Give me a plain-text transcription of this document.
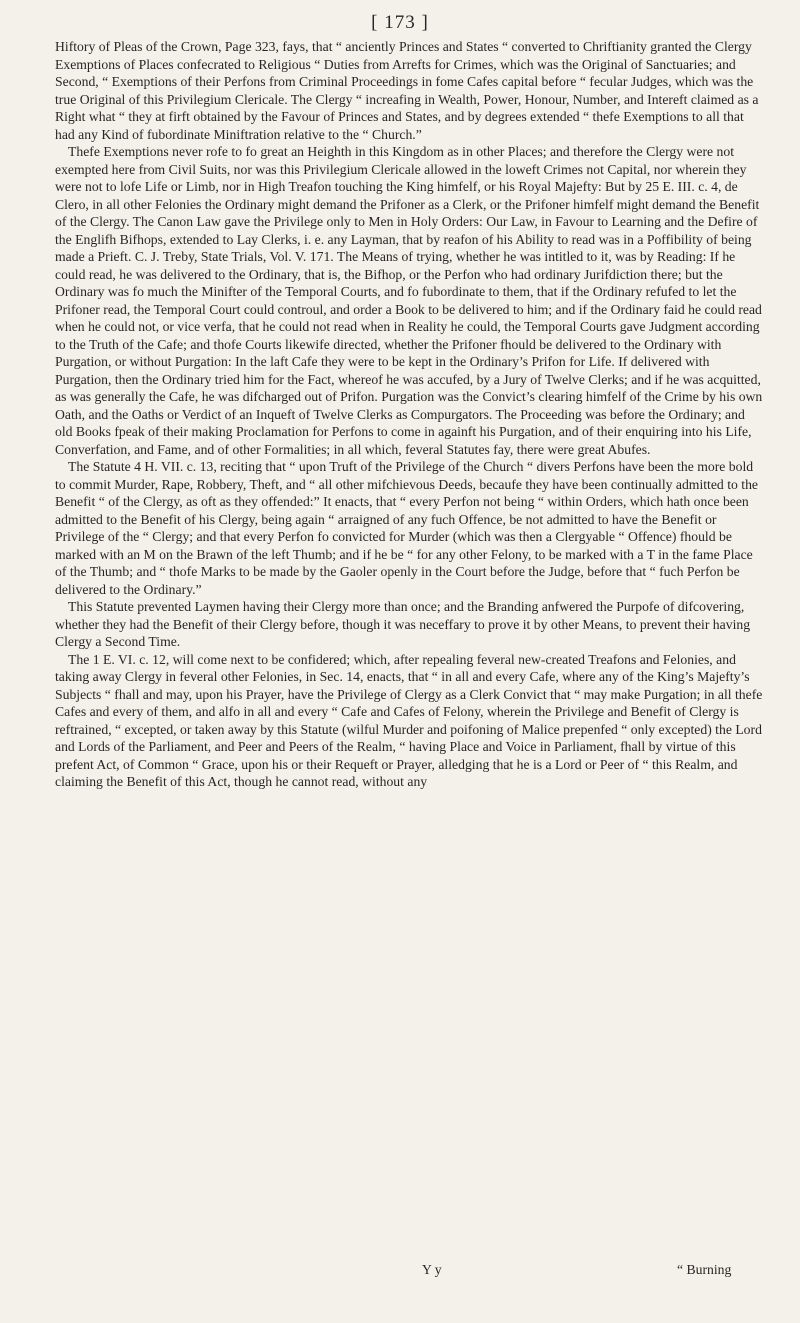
[ 173 ]

Hiftory of Pleas of the Crown, Page 323, fays, that “ anciently Princes and States “ converted to Chriftianity granted the Clergy Exemptions of Places confecrated to Religious “ Duties from Arrefts for Crimes, which was the Original of Sanctuaries; and Second, “ Exemptions of their Perfons from Criminal Proceedings in fome Cafes capital before “ fecular Judges, which was the true Original of this Privilegium Clericale. The Clergy “ increafing in Wealth, Power, Honour, Number, and Intereft claimed as a Right what “ they at firft obtained by the Favour of Princes and States, and by degrees extended “ thefe Exemptions to all that had any Kind of fubordinate Miniftration relative to the “ Church.”

Thefe Exemptions never rofe to fo great an Heighth in this Kingdom as in other Places; and therefore the Clergy were not exempted here from Civil Suits, nor was this Privilegium Clericale allowed in the loweft Crimes not Capital, nor wherein they were not to lofe Life or Limb, nor in High Treafon touching the King himfelf, or his Royal Majefty: But by 25 E. III. c. 4, de Clero, in all other Felonies the Ordinary might demand the Prifoner as a Clerk, or the Prifoner himfelf might demand the Benefit of the Clergy. The Canon Law gave the Privilege only to Men in Holy Orders: Our Law, in Favour to Learning and the Defire of the Englifh Bifhops, extended to Lay Clerks, i. e. any Layman, that by reafon of his Ability to read was in a Poffibility of being made a Prieft. C. J. Treby, State Trials, Vol. V. 171. The Means of trying, whether he was intitled to it, was by Reading: If he could read, he was delivered to the Ordinary, that is, the Bifhop, or the Perfon who had ordinary Jurifdiction there; but the Ordinary was fo much the Minifter of the Temporal Courts, and fo fubordinate to them, that if the Ordinary refufed to let the Prifoner read, the Temporal Court could controul, and order a Book to be delivered to him; and if the Ordinary faid he could read when he could not, or vice verfa, that he could not read when in Reality he could, the Temporal Courts gave Judgment according to the Truth of the Cafe; and thofe Courts likewife directed, whether the Prifoner fhould be delivered to the Ordinary with Purgation, or without Purgation: In the laft Cafe they were to be kept in the Ordinary’s Prifon for Life. If delivered with Purgation, then the Ordinary tried him for the Fact, whereof he was accufed, by a Jury of Twelve Clerks; and if he was acquitted, as was generally the Cafe, he was difcharged out of Prifon. Purgation was the Convict’s clearing himfelf of the Crime by his own Oath, and the Oaths or Verdict of an Inqueft of Twelve Clerks as Compurgators. The Proceeding was before the Ordinary; and old Books fpeak of their making Proclamation for Perfons to come in againft his Purgation, and of their enquiring into his Life, Converfation, and Fame, and of other Formalities; in all which, feveral Statutes fay, there were great Abufes.

The Statute 4 H. VII. c. 13, reciting that “ upon Truft of the Privilege of the Church “ divers Perfons have been the more bold to commit Murder, Rape, Robbery, Theft, and “ all other mifchievous Deeds, becaufe they have been continually admitted to the Benefit “ of the Clergy, as oft as they offended:” It enacts, that “ every Perfon not being “ within Orders, which hath once been admitted to the Benefit of his Clergy, being again “ arraigned of any fuch Offence, be not admitted to have the Benefit or Privilege of the “ Clergy; and that every Perfon fo convicted for Murder (which was then a Clergyable “ Offence) fhould be marked with an M on the Brawn of the left Thumb; and if he be “ for any other Felony, to be marked with a T in the fame Place of the Thumb; and “ thofe Marks to be made by the Gaoler openly in the Court before the Judge, before that “ fuch Perfon be delivered to the Ordinary.”

This Statute prevented Laymen having their Clergy more than once; and the Branding anfwered the Purpofe of difcovering, whether they had the Benefit of their Clergy before, though it was neceffary to prove it by other Means, to prevent their having Clergy a Second Time.

The 1 E. VI. c. 12, will come next to be confidered; which, after repealing feveral new-created Treafons and Felonies, and taking away Clergy in feveral other Felonies, in Sec. 14, enacts, that “ in all and every Cafe, where any of the King’s Majefty’s Subjects “ fhall and may, upon his Prayer, have the Privilege of Clergy as a Clerk Convict that “ may make Purgation; in all thefe Cafes and every of them, and alfo in all and every “ Cafe and Cafes of Felony, wherein the Privilege and Benefit of Clergy is reftrained, “ excepted, or taken away by this Statute (wilful Murder and poifoning of Malice prepenfed “ only excepted) the Lord and Lords of the Parliament, and Peer and Peers of the Realm, “ having Place and Voice in Parliament, fhall by virtue of this prefent Act, of Common “ Grace, upon his or their Requeft or Prayer, alledging that he is a Lord or Peer of “ this Realm, and claiming the Benefit of this Act, though he cannot read, without any

Y y	“ Burning
